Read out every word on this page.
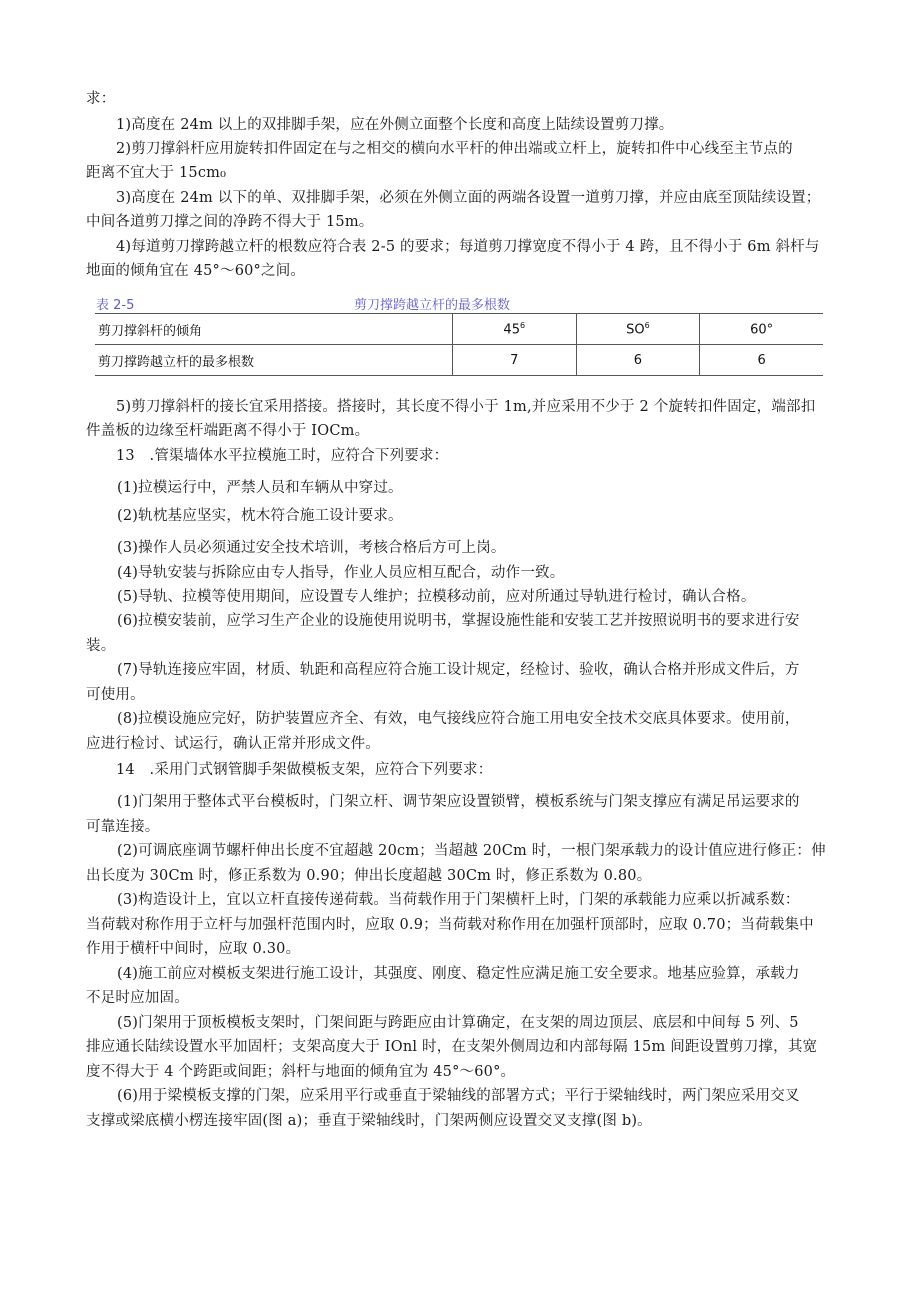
求：
1)高度在 24m 以上的双排脚手架，应在外侧立面整个长度和高度上陆续设置剪刀撑。
2)剪刀撑斜杆应用旋转扣件固定在与之相交的横向水平杆的伸出端或立杆上，旋转扣件中心线至主节点的
距离不宜大于 15cm₀
3)高度在 24m 以下的单、双排脚手架，必须在外侧立面的两端各设置一道剪刀撑，并应由底至顶陆续设置；
中间各道剪刀撑之间的净跨不得大于 15m。
4)每道剪刀撑跨越立杆的根数应符合表 2-5 的要求；每道剪刀撑宽度不得小于 4 跨，且不得小于 6m 斜杆与
地面的倾角宜在 45°～60°之间。
5)剪刀撑斜杆的接长宜采用搭接。搭接时，其长度不得小于 1m,并应采用不少于 2 个旋转扣件固定，端部扣
件盖板的边缘至杆端距离不得小于 IOCm。
13　.管渠墙体水平拉模施工时，应符合下列要求：
(1)拉模运行中，严禁人员和车辆从中穿过。
(2)轨枕基应坚实，枕木符合施工设计要求。
(3)操作人员必须通过安全技术培训，考核合格后方可上岗。
(4)导轨安装与拆除应由专人指导，作业人员应相互配合，动作一致。
(5)导轨、拉模等使用期间，应设置专人维护；拉模移动前，应对所通过导轨进行检讨，确认合格。
(6)拉模安装前，应学习生产企业的设施使用说明书，掌握设施性能和安装工艺并按照说明书的要求进行安
装。
(7)导轨连接应牢固，材质、轨距和高程应符合施工设计规定，经检讨、验收，确认合格并形成文件后，方
可使用。
(8)拉模设施应完好，防护装置应齐全、有效，电气接线应符合施工用电安全技术交底具体要求。使用前，
应进行检讨、试运行，确认正常并形成文件。
14　.采用门式钢管脚手架做模板支架，应符合下列要求：
(1)门架用于整体式平台模板时，门架立杆、调节架应设置锁臂，模板系统与门架支撑应有满足吊运要求的
可靠连接。
(2)可调底座调节螺杆伸出长度不宜超越 20cm；当超越 20Cm 时，一根门架承载力的设计值应进行修正：伸
出长度为 30Cm 时，修正系数为 0.90；伸出长度超越 30Cm 时，修正系数为 0.80。
(3)构造设计上，宜以立杆直接传递荷载。当荷载作用于门架横杆上时，门架的承载能力应乘以折减系数：
当荷载对称作用于立杆与加强杆范围内时，应取 0.9；当荷载对称作用在加强杆顶部时，应取 0.70；当荷载集中
作用于横杆中间时，应取 0.30。
(4)施工前应对模板支架进行施工设计，其强度、刚度、稳定性应满足施工安全要求。地基应验算，承载力
不足时应加固。
(5)门架用于顶板模板支架时，门架间距与跨距应由计算确定，在支架的周边顶层、底层和中间每 5 列、5
排应通长陆续设置水平加固杆；支架高度大于 IOnl 时，在支架外侧周边和内部每隔 15m 间距设置剪刀撑，其宽
度不得大于 4 个跨距或间距；斜杆与地面的倾角宜为 45°～60°。
(6)用于梁模板支撑的门架，应采用平行或垂直于梁轴线的部署方式；平行于梁轴线时，两门架应采用交叉
支撑或梁底横小楞连接牢固(图 a)；垂直于梁轴线时，门架两侧应设置交叉支撑(图 b)。
表 2-5	剪刀撑跨越立杆的最多根数
剪刀撑斜杆的倾角	$45^6$	$SO^6$	60°
剪刀撑跨越立杆的最多根数	7	6	6
